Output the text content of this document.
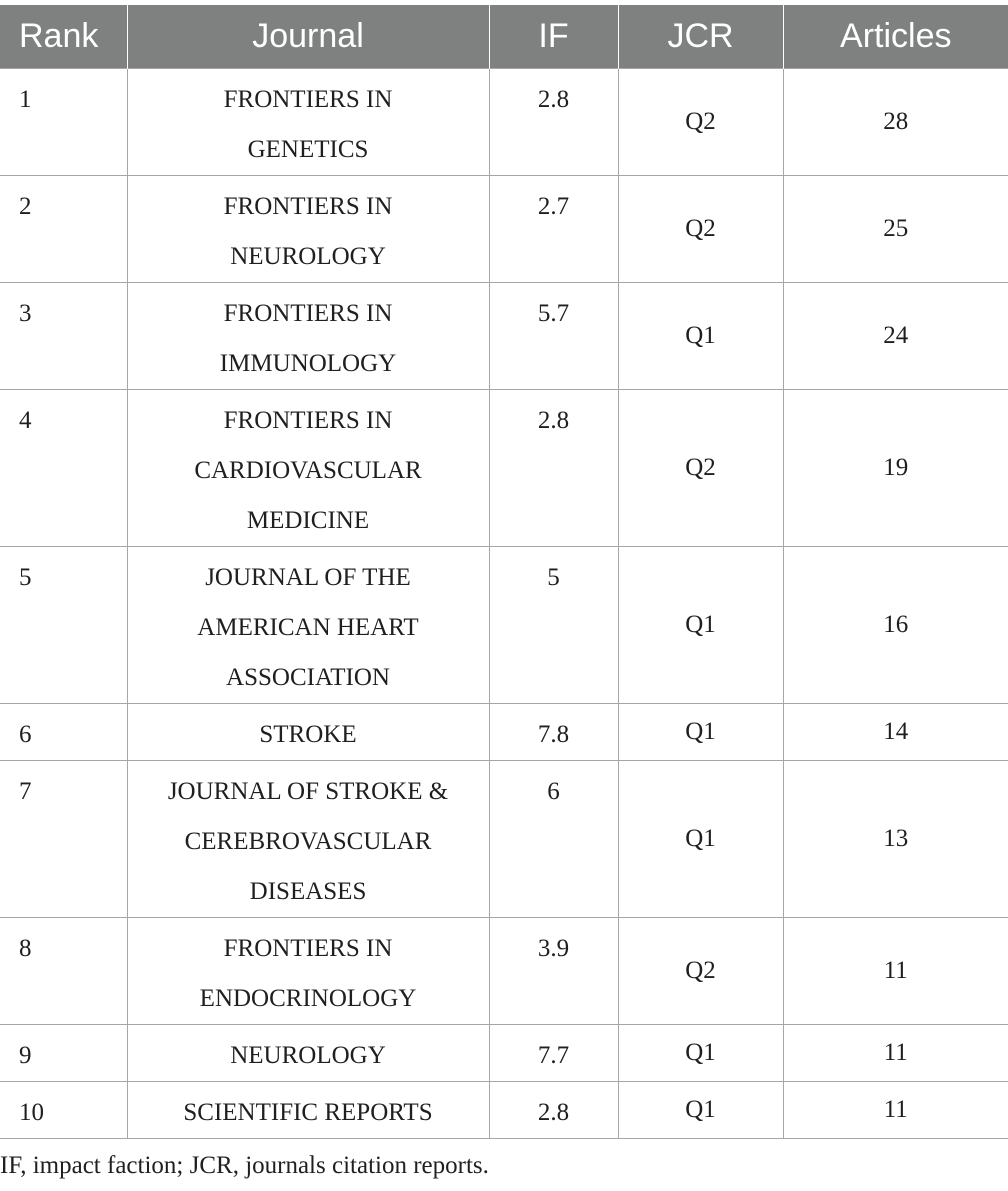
Rank	Journal	IF	JCR	Articles
1	FRONTIERS IN GENETICS	2.8	Q2	28
2	FRONTIERS IN NEUROLOGY	2.7	Q2	25
3	FRONTIERS IN IMMUNOLOGY	5.7	Q1	24
4	FRONTIERS IN CARDIOVASCULAR MEDICINE	2.8	Q2	19
5	JOURNAL OF THE AMERICAN HEART ASSOCIATION	5	Q1	16
6	STROKE	7.8	Q1	14
7	JOURNAL OF STROKE & CEREBROVASCULAR DISEASES	6	Q1	13
8	FRONTIERS IN ENDOCRINOLOGY	3.9	Q2	11
9	NEUROLOGY	7.7	Q1	11
10	SCIENTIFIC REPORTS	2.8	Q1	11
IF, impact faction; JCR, journals citation reports.
